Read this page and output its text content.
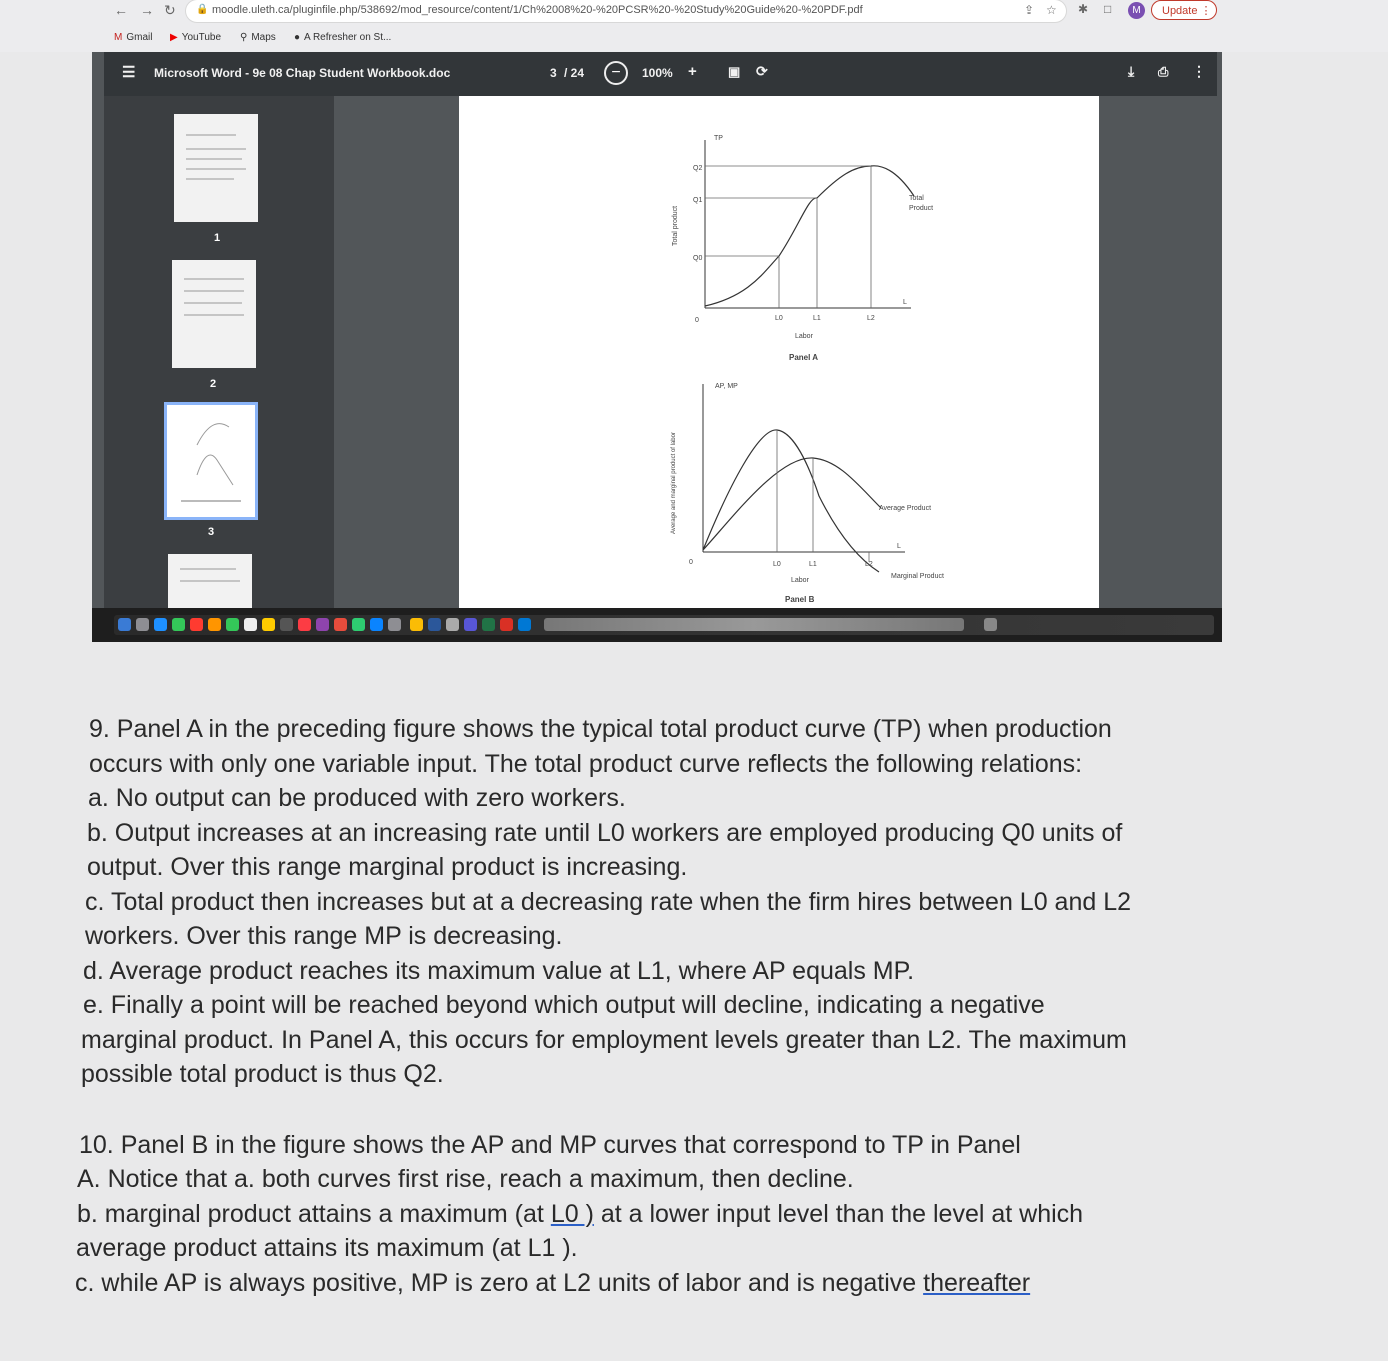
← → ↻ 🔒 moodle.uleth.ca/pluginfile.php/538692/mod_resource/content/1/Ch%2008%20-%20PCSR%20-%20Study%20Guide%20-%20PDF.pdf	⇪ ☆ ✱ □	M	Update ⋮
M Gmail ▶ YouTube ⚲ Maps ● A Refresher on St...
☰ Microsoft Word - 9e 08 Chap Student Workbook.doc	3 / 24	−	100% + ▣ ⟳	⤓ ⎙ ⋮
1
2
3
TP
Q2
Q1
Q0
0	L0	L1	L2
L
Labor
Panel A
Total
Product
Total product
AP, MP
0	L0	L1	L2
L
Labor
Panel B
Average Product
Marginal Product
Average and marginal product of labor

9. Panel A in the preceding figure shows the typical total product curve (TP) when production

occurs with only one variable input. The total product curve reflects the following relations:

a. No output can be produced with zero workers.

b. Output increases at an increasing rate until L0 workers are employed producing Q0 units of

output. Over this range marginal product is increasing.

c. Total product then increases but at a decreasing rate when the firm hires between L0 and L2

workers. Over this range MP is decreasing.

d. Average product reaches its maximum value at L1, where AP equals MP.

e. Finally a point will be reached beyond which output will decline, indicating a negative

marginal product. In Panel A, this occurs for employment levels greater than L2. The maximum

possible total product is thus Q2.

10. Panel B in the figure shows the AP and MP curves that correspond to TP in Panel

A. Notice that a. both curves first rise, reach a maximum, then decline.

b. marginal product attains a maximum (at L0 ) at a lower input level than the level at which

average product attains its maximum (at L1 ).

c. while AP is always positive, MP is zero at L2 units of labor and is negative thereafter
